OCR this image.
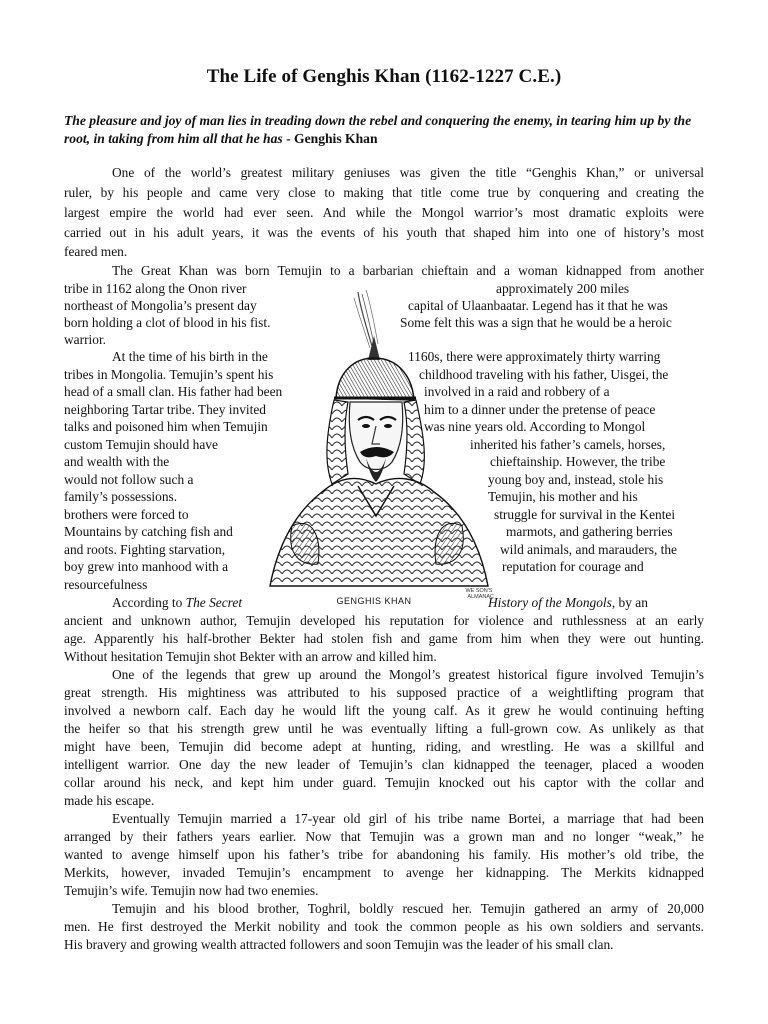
The Life of Genghis Khan (1162-1227 C.E.)
The pleasure and joy of man lies in treading down the rebel and conquering the enemy, in tearing him up by the root, in taking from him all that he has - Genghis Khan
One of the world’s greatest military geniuses was given the title “Genghis Khan,” or universal
ruler, by his people and came very close to making that title come true by conquering and creating the
largest empire the world had ever seen. And while the Mongol warrior’s most dramatic exploits were
carried out in his adult years, it was the events of his youth that shaped him into one of history’s most
feared men.
The Great Khan was born Temujin to a barbarian chieftain and a woman kidnapped from another
tribe in 1162 along the Onon river	approximately 200 miles
northeast of Mongolia’s present day	capital of Ulaanbaatar. Legend has it that he was
born holding a clot of blood in his fist.	Some felt this was a sign that he would be a heroic
warrior.
At the time of his birth in the	1160s, there were approximately thirty warring
tribes in Mongolia. Temujin’s spent his	childhood traveling with his father, Uisgei, the
head of a small clan. His father had been	involved in a raid and robbery of a
neighboring Tartar tribe. They invited	him to a dinner under the pretense of peace
talks and poisoned him when Temujin	was nine years old. According to Mongol
custom Temujin should have	inherited his father’s camels, horses,
and wealth with the	chieftainship. However, the tribe
would not follow such a	young boy and, instead, stole his
family’s possessions.	Temujin, his mother and his
brothers were forced to	struggle for survival in the Kentei
Mountains by catching fish and	marmots, and gathering berries
and roots. Fighting starvation,	wild animals, and marauders, the
boy grew into manhood with a	reputation for courage and
resourcefulness
According to The Secret	History of the Mongols, by an
ancient and unknown author, Temujin developed his reputation for violence and ruthlessness at an early
age. Apparently his half-brother Bekter had stolen fish and game from him when they were out hunting.
Without hesitation Temujin shot Bekter with an arrow and killed him.
One of the legends that grew up around the Mongol’s greatest historical figure involved Temujin’s
great strength. His mightiness was attributed to his supposed practice of a weightlifting program that
involved a newborn calf. Each day he would lift the young calf. As it grew he would continuing hefting
the heifer so that his strength grew until he was eventually lifting a full-grown cow. As unlikely as that
might have been, Temujin did become adept at hunting, riding, and wrestling. He was a skillful and
intelligent warrior. One day the new leader of Temujin’s clan kidnapped the teenager, placed a wooden
collar around his neck, and kept him under guard. Temujin knocked out his captor with the collar and
made his escape.
Eventually Temujin married a 17-year old girl of his tribe name Bortei, a marriage that had been
arranged by their fathers years earlier. Now that Temujin was a grown man and no longer “weak,” he
wanted to avenge himself upon his father’s tribe for abandoning his family. His mother’s old tribe, the
Merkits, however, invaded Temujin’s encampment to avenge her kidnapping. The Merkits kidnapped
Temujin’s wife. Temujin now had two enemies.
Temujin and his blood brother, Toghril, boldly rescued her. Temujin gathered an army of 20,000
men. He first destroyed the Merkit nobility and took the common people as his own soldiers and servants.
His bravery and growing wealth attracted followers and soon Temujin was the leader of his small clan.
GENGHIS KHAN
WE SON'S ALMANAC
